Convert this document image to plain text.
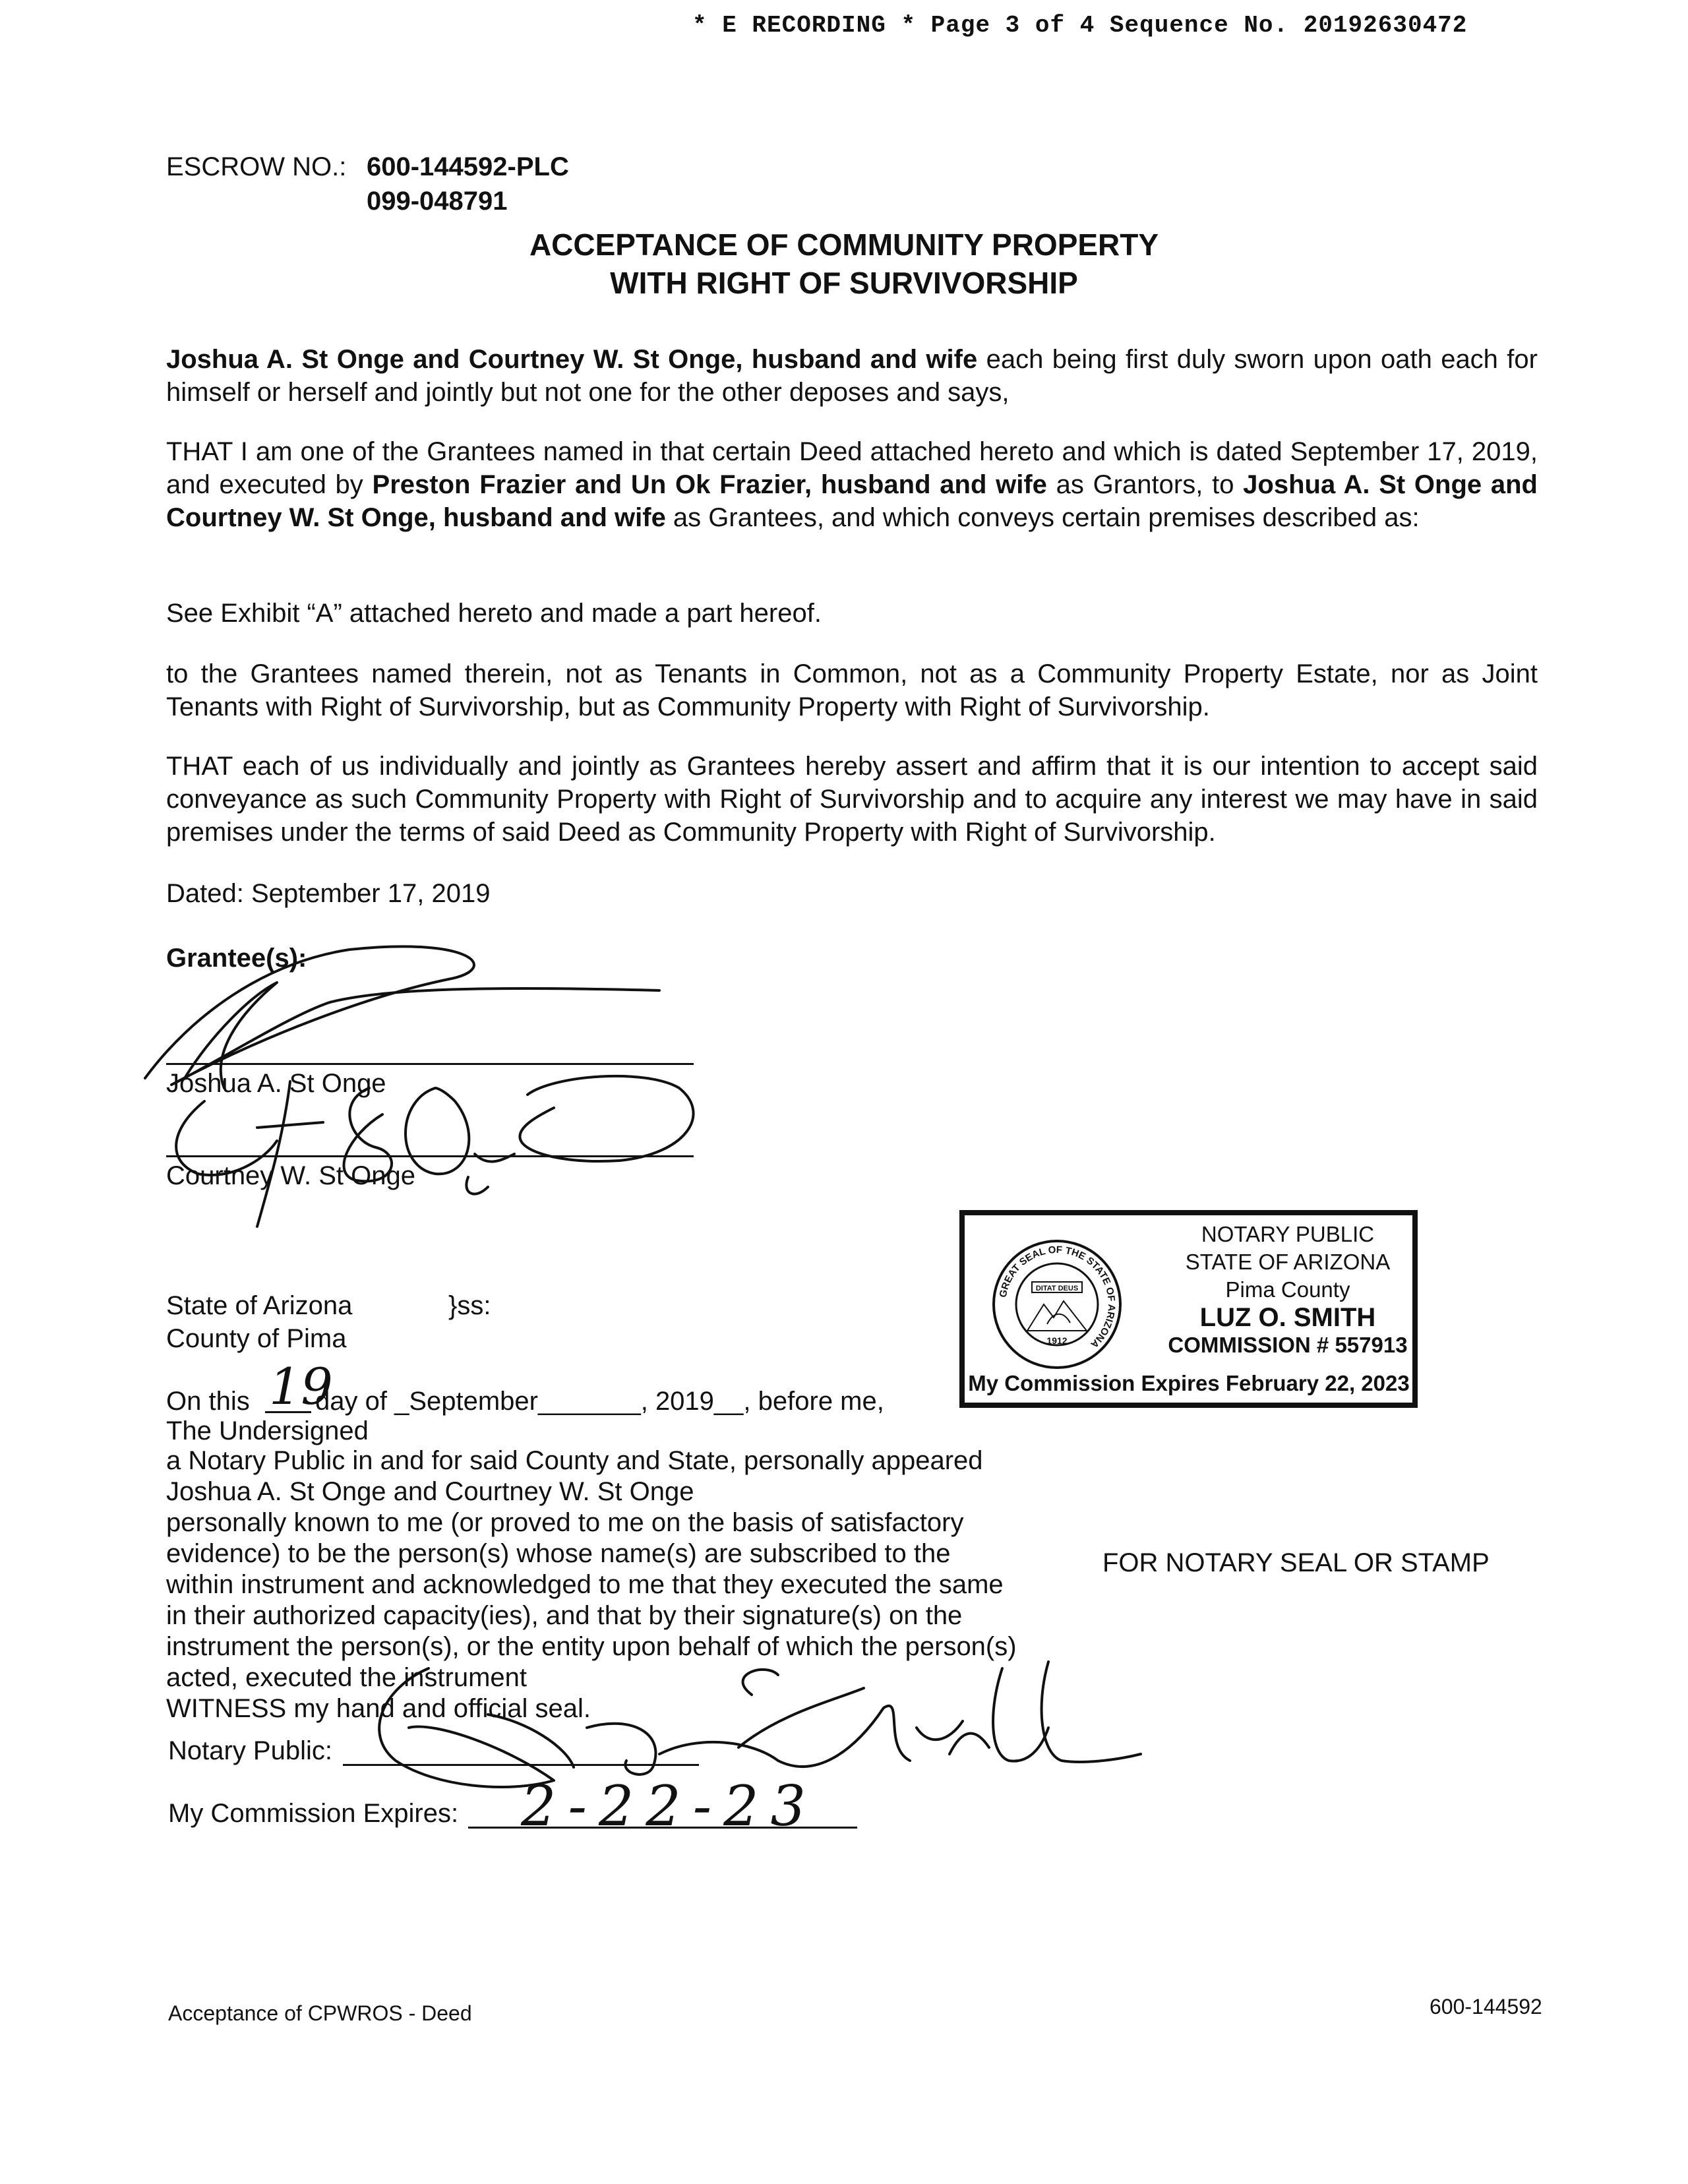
* E RECORDING * Page 3 of 4 Sequence No. 20192630472
ESCROW NO.: 600-144592-PLC
099-048791
ACCEPTANCE OF COMMUNITY PROPERTY
WITH RIGHT OF SURVIVORSHIP
Joshua A. St Onge and Courtney W. St Onge, husband and wife each being first duly sworn upon oath each for himself or herself and jointly but not one for the other deposes and says,
THAT I am one of the Grantees named in that certain Deed attached hereto and which is dated September 17, 2019, and executed by Preston Frazier and Un Ok Frazier, husband and wife as Grantors, to Joshua A. St Onge and Courtney W. St Onge, husband and wife as Grantees, and which conveys certain premises described as:
See Exhibit “A” attached hereto and made a part hereof.
to the Grantees named therein, not as Tenants in Common, not as a Community Property Estate, nor as Joint Tenants with Right of Survivorship, but as Community Property with Right of Survivorship.
THAT each of us individually and jointly as Grantees hereby assert and affirm that it is our intention to accept said conveyance as such Community Property with Right of Survivorship and to acquire any interest we may have in said premises under the terms of said Deed as Community Property with Right of Survivorship.
Dated: September 17, 2019
Grantee(s):
Joshua A. St Onge
Courtney W. St Onge
State of Arizona	}ss:
County of Pima
On this 19
day of _September_______, 2019__, before me,
The Undersigned
a Notary Public in and for said County and State, personally appeared
Joshua A. St Onge and Courtney W. St Onge
personally known to me (or proved to me on the basis of satisfactory
evidence) to be the person(s) whose name(s) are subscribed to the
within instrument and acknowledged to me that they executed the same
in their authorized capacity(ies), and that by their signature(s) on the
instrument the person(s), or the entity upon behalf of which the person(s)
acted, executed the instrument
WITNESS my hand and official seal.
Notary Public:
My Commission Expires: 2-22-23
GREAT SEAL OF THE STATE OF ARIZONA
DITAT DEUS
1912
NOTARY PUBLIC
STATE OF ARIZONA
Pima County
LUZ O. SMITH
COMMISSION # 557913
My Commission Expires February 22, 2023
FOR NOTARY SEAL OR STAMP
Acceptance of CPWROS - Deed	600-144592
